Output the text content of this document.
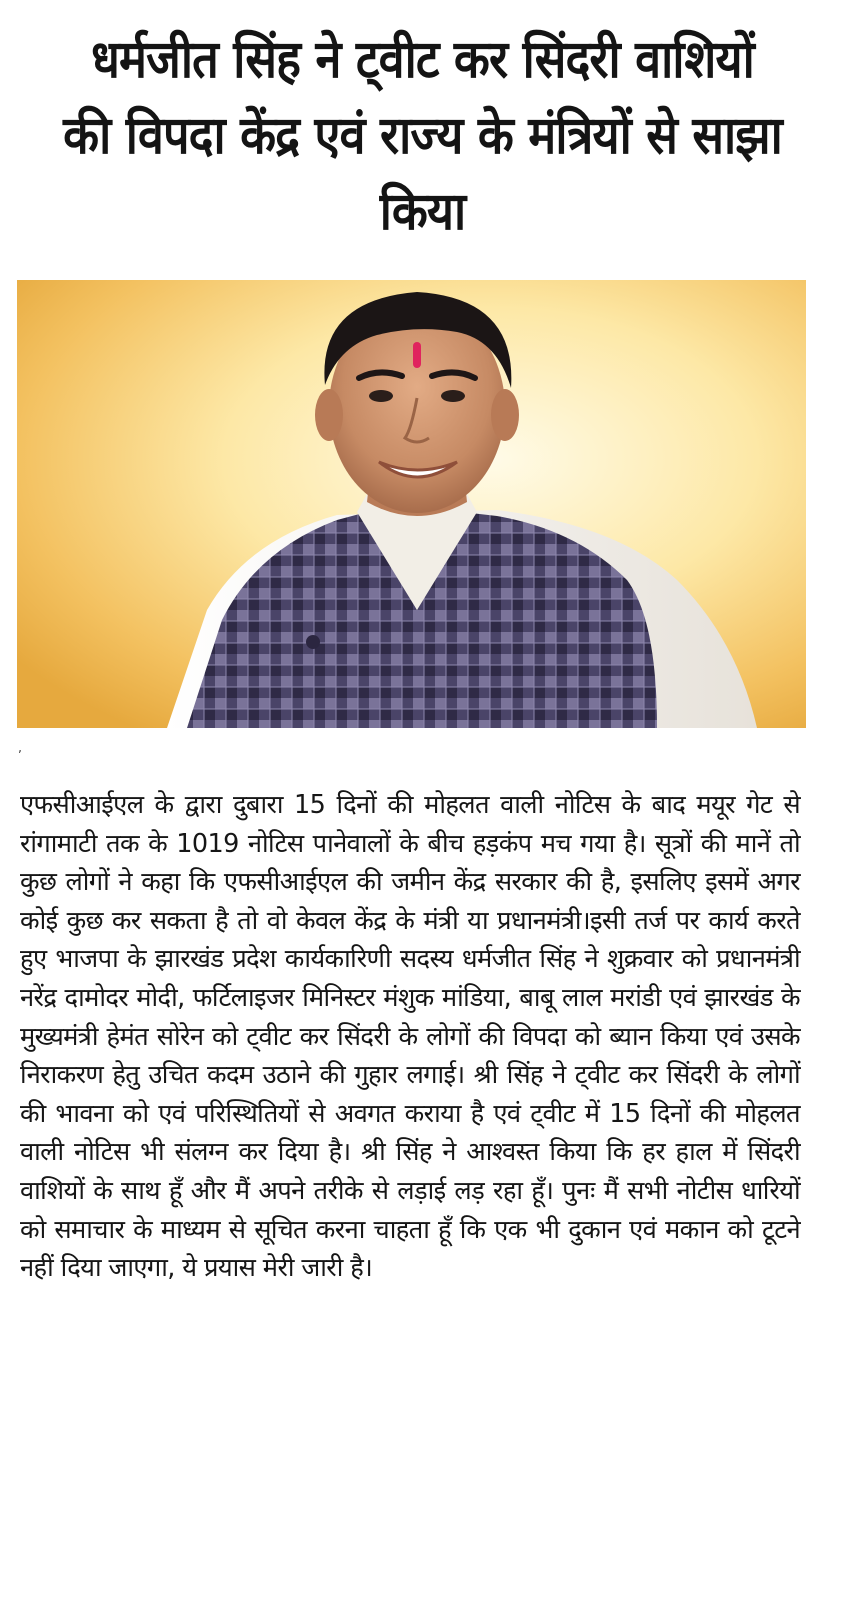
धर्मजीत सिंह ने ट्वीट कर सिंदरी वाशियों की विपदा केंद्र एवं राज्य के मंत्रियों से साझा किया
ʼ

एफसीआईएल के द्वारा दुबारा 15 दिनों की मोहलत वाली नोटिस के बाद मयूर गेट से रांगामाटी तक के 1019 नोटिस पानेवालों के बीच हड़कंप मच गया है। सूत्रों की मानें तो कुछ लोगों ने कहा कि एफसीआईएल की जमीन केंद्र सरकार की है, इसलिए इसमें अगर कोई कुछ कर सकता है तो वो केवल केंद्र के मंत्री या प्रधानमंत्री।इसी तर्ज पर कार्य करते हुए भाजपा के झारखंड प्रदेश कार्यकारिणी सदस्य धर्मजीत सिंह ने शुक्रवार को प्रधानमंत्री नरेंद्र दामोदर मोदी, फर्टिलाइजर मिनिस्टर मंशुक मांडिया, बाबू लाल मरांडी एवं झारखंड के मुख्यमंत्री हेमंत सोरेन को ट्वीट कर सिंदरी के लोगों की विपदा को ब्यान किया एवं उसके निराकरण हेतु उचित कदम उठाने की गुहार लगाई। श्री सिंह ने ट्वीट कर सिंदरी के लोगों की भावना को एवं परिस्थितियों से अवगत कराया है एवं ट्वीट में 15 दिनों की मोहलत वाली नोटिस भी संलग्न कर दिया है। श्री सिंह ने आश्वस्त किया कि हर हाल में सिंदरी वाशियों के साथ हूँ और मैं अपने तरीके से लड़ाई लड़ रहा हूँ। पुनः मैं सभी नोटीस धारियों को समाचार के माध्यम से सूचित करना चाहता हूँ कि एक भी दुकान एवं मकान को टूटने नहीं दिया जाएगा, ये प्रयास मेरी जारी है।
